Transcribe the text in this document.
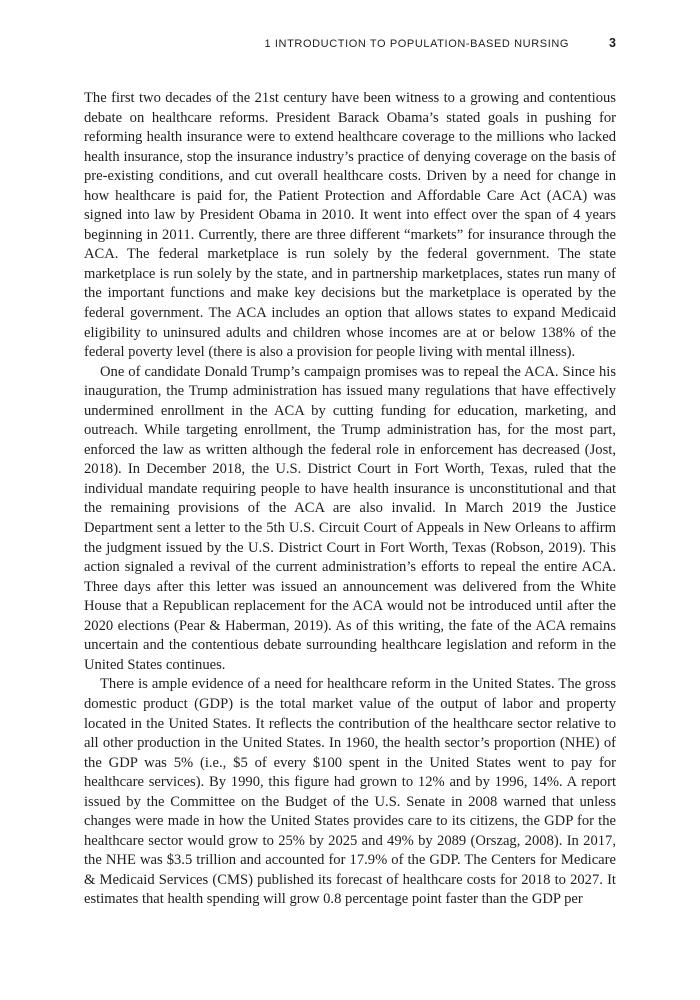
1 INTRODUCTION TO POPULATION-BASED NURSING	3

The first two decades of the 21st century have been witness to a growing and contentious debate on healthcare reforms. President Barack Obama’s stated goals in pushing for reforming health insurance were to extend healthcare coverage to the millions who lacked health insurance, stop the insurance industry’s practice of denying coverage on the basis of pre-existing conditions, and cut overall healthcare costs. Driven by a need for change in how healthcare is paid for, the Patient Protection and Affordable Care Act (ACA) was signed into law by President Obama in 2010. It went into effect over the span of 4 years beginning in 2011. Currently, there are three different “markets” for insurance through the ACA. The federal marketplace is run solely by the federal government. The state marketplace is run solely by the state, and in partnership marketplaces, states run many of the important functions and make key decisions but the marketplace is operated by the federal government. The ACA includes an option that allows states to expand Medicaid eligibility to uninsured adults and children whose incomes are at or below 138% of the federal poverty level (there is also a provision for people living with mental illness).

One of candidate Donald Trump’s campaign promises was to repeal the ACA. Since his inauguration, the Trump administration has issued many regulations that have effectively undermined enrollment in the ACA by cutting funding for education, marketing, and outreach. While targeting enrollment, the Trump administration has, for the most part, enforced the law as written although the federal role in enforcement has decreased (Jost, 2018). In December 2018, the U.S. District Court in Fort Worth, Texas, ruled that the individual mandate requiring people to have health insurance is unconstitutional and that the remaining provisions of the ACA are also invalid. In March 2019 the Justice Department sent a letter to the 5th U.S. Circuit Court of Appeals in New Orleans to affirm the judgment issued by the U.S. District Court in Fort Worth, Texas (Robson, 2019). This action signaled a revival of the current administration’s efforts to repeal the entire ACA. Three days after this letter was issued an announcement was delivered from the White House that a Republican replacement for the ACA would not be introduced until after the 2020 elections (Pear & Haberman, 2019). As of this writing, the fate of the ACA remains uncertain and the contentious debate surrounding healthcare legislation and reform in the United States continues.

There is ample evidence of a need for healthcare reform in the United States. The gross domestic product (GDP) is the total market value of the output of labor and property located in the United States. It reflects the contribution of the healthcare sector relative to all other production in the United States. In 1960, the health sector’s proportion (NHE) of the GDP was 5% (i.e., $5 of every $100 spent in the United States went to pay for healthcare services). By 1990, this figure had grown to 12% and by 1996, 14%. A report issued by the Committee on the Budget of the U.S. Senate in 2008 warned that unless changes were made in how the United States provides care to its citizens, the GDP for the healthcare sector would grow to 25% by 2025 and 49% by 2089 (Orszag, 2008). In 2017, the NHE was $3.5 trillion and accounted for 17.9% of the GDP. The Centers for Medicare & Medicaid Services (CMS) published its forecast of healthcare costs for 2018 to 2027. It estimates that health spending will grow 0.8 percentage point faster than the GDP per
